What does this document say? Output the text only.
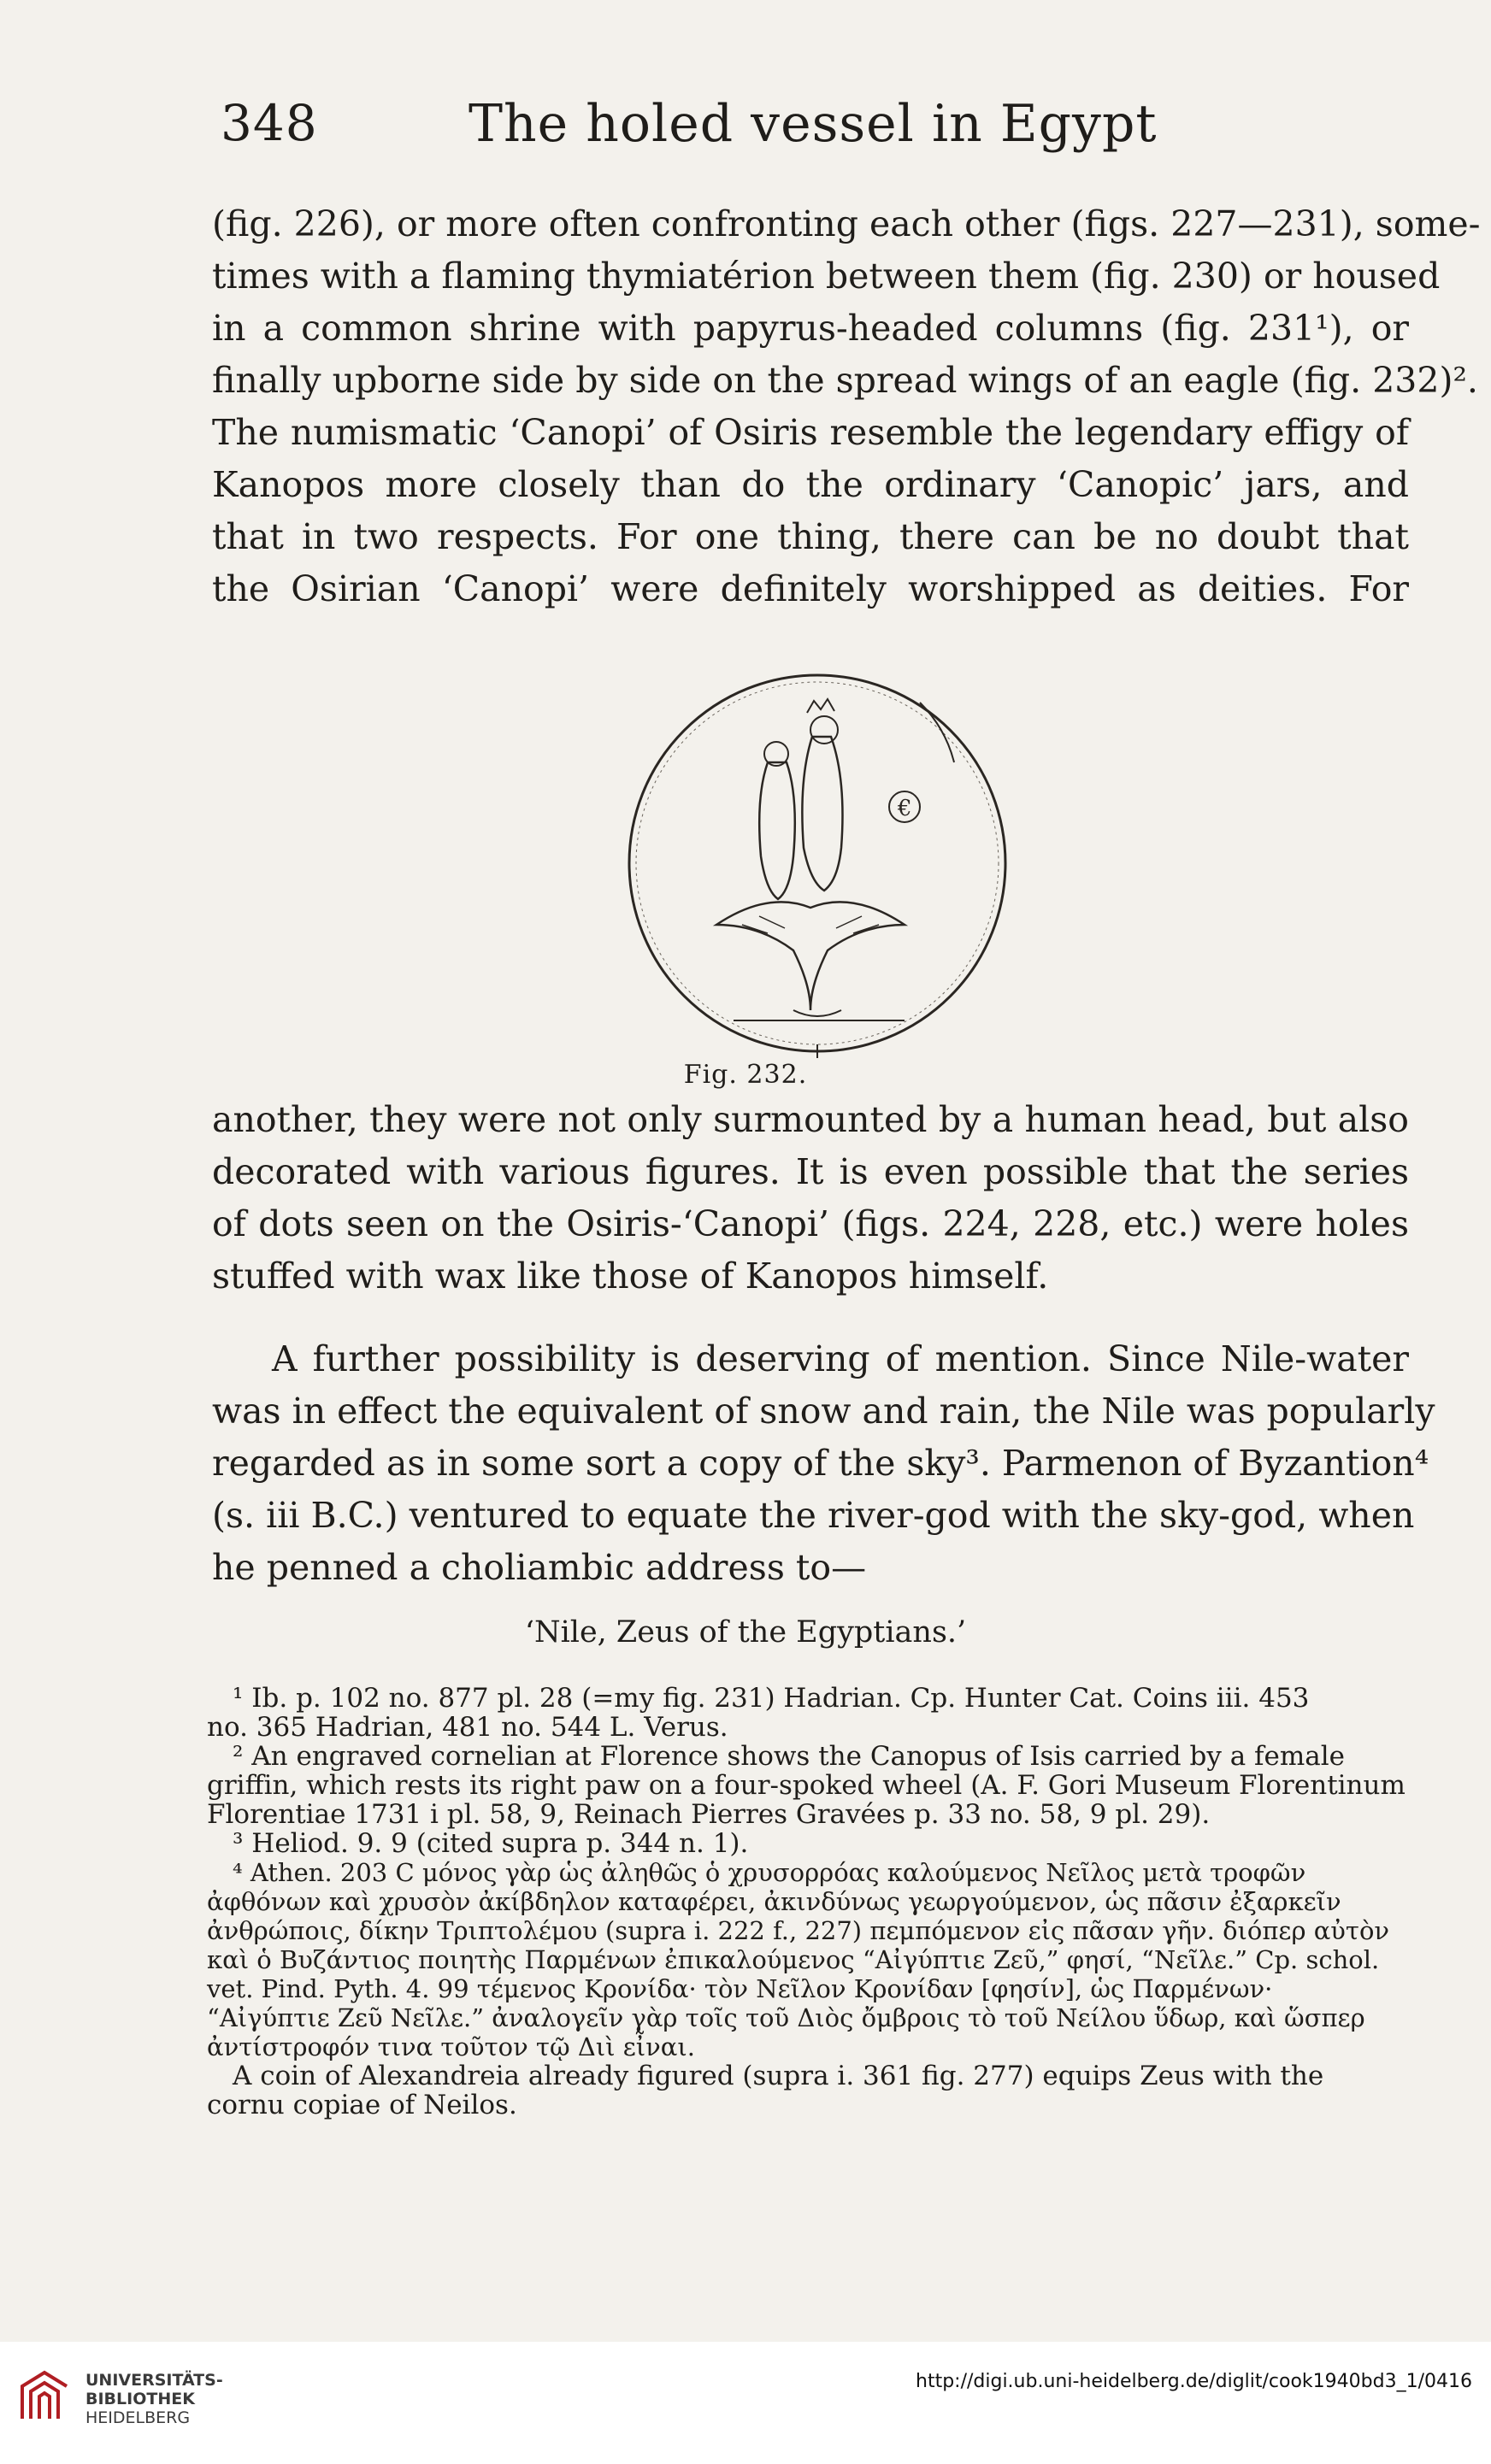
348	The holed vessel in Egypt
(fig. 226), or more often confronting each other (figs. 227—231), some-
times with a flaming thymiatérion between them (fig. 230) or housed
in a common shrine with papyrus-headed columns (fig. 231¹), or
finally upborne side by side on the spread wings of an eagle (fig. 232)².
The numismatic ‘Canopi’ of Osiris resemble the legendary effigy of
Kanopos more closely than do the ordinary ‘Canopic’ jars, and
that in two respects. For one thing, there can be no doubt that
the Osirian ‘Canopi’ were definitely worshipped as deities. For
€
Fig. 232.
another, they were not only surmounted by a human head, but also
decorated with various figures. It is even possible that the series
of dots seen on the Osiris-‘Canopi’ (figs. 224, 228, etc.) were holes
stuffed with wax like those of Kanopos himself.
A further possibility is deserving of mention. Since Nile-water
was in effect the equivalent of snow and rain, the Nile was popularly
regarded as in some sort a copy of the sky³. Parmenon of Byzantion⁴
(s. iii B.C.) ventured to equate the river-god with the sky-god, when
he penned a choliambic address to—
‘Nile, Zeus of the Egyptians.’
¹ Ib. p. 102 no. 877 pl. 28 (=my fig. 231) Hadrian. Cp. Hunter Cat. Coins iii. 453
no. 365 Hadrian, 481 no. 544 L. Verus.
² An engraved cornelian at Florence shows the Canopus of Isis carried by a female
griffin, which rests its right paw on a four-spoked wheel (A. F. Gori Museum Florentinum
Florentiae 1731 i pl. 58, 9, Reinach Pierres Gravées p. 33 no. 58, 9 pl. 29).
³ Heliod. 9. 9 (cited supra p. 344 n. 1).
⁴ Athen. 203 C μόνος γὰρ ὡς ἀληθῶς ὁ χρυσορρόας καλούμενος Νεῖλος μετὰ τροφῶν
ἀφθόνων καὶ χρυσὸν ἀκίβδηλον καταφέρει, ἀκινδύνως γεωργούμενον, ὡς πᾶσιν ἐξαρκεῖν
ἀνθρώποις, δίκην Τριπτολέμου (supra i. 222 f., 227) πεμπόμενον εἰς πᾶσαν γῆν. διόπερ αὐτὸν
καὶ ὁ Βυζάντιος ποιητὴς Παρμένων ἐπικαλούμενος “Αἰγύπτιε Ζεῦ,” φησί, “Νεῖλε.” Cp. schol.
vet. Pind. Pyth. 4. 99 τέμενος Κρονίδα· τὸν Νεῖλον Κρονίδαν [φησίν], ὡς Παρμένων·
“Αἰγύπτιε Ζεῦ Νεῖλε.” ἀναλογεῖν γὰρ τοῖς τοῦ Διὸς ὄμβροις τὸ τοῦ Νείλου ὕδωρ, καὶ ὥσπερ
ἀντίστροφόν τινα τοῦτον τῷ Διὶ εἶναι.
A coin of Alexandreia already figured (supra i. 361 fig. 277) equips Zeus with the
cornu copiae of Neilos.
UNIVERSITÄTS-
BIBLIOTHEK
HEIDELBERG
http://digi.ub.uni-heidelberg.de/diglit/cook1940bd3_1/0416
